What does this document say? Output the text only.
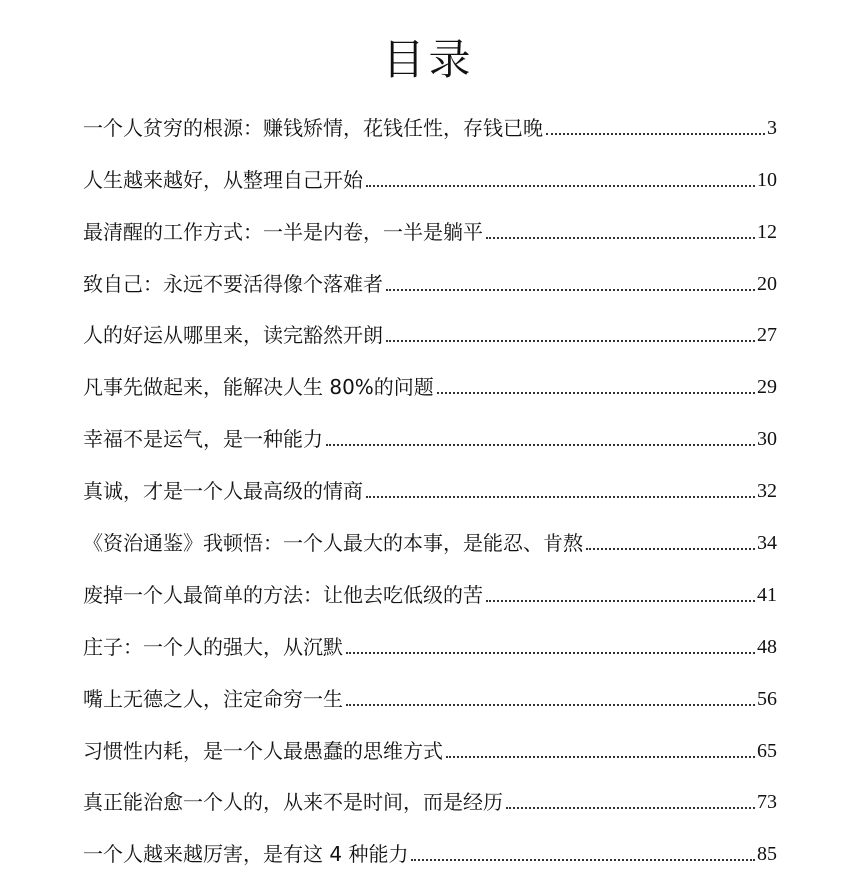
目录
一个人贫穷的根源：赚钱矫情，花钱任性，存钱已晚	3
人生越来越好，从整理自己开始	10
最清醒的工作方式：一半是内卷，一半是躺平	12
致自己：永远不要活得像个落难者	20
人的好运从哪里来，读完豁然开朗	27
凡事先做起来，能解决人生 80%的问题	29
幸福不是运气，是一种能力	30
真诚，才是一个人最高级的情商	32
《资治通鉴》我顿悟：一个人最大的本事，是能忍、肯熬	34
废掉一个人最简单的方法：让他去吃低级的苦	41
庄子：一个人的强大，从沉默	48
嘴上无德之人，注定命穷一生	56
习惯性内耗，是一个人最愚蠢的思维方式	65
真正能治愈一个人的，从来不是时间，而是经历	73
一个人越来越厉害，是有这 4 种能力	85
